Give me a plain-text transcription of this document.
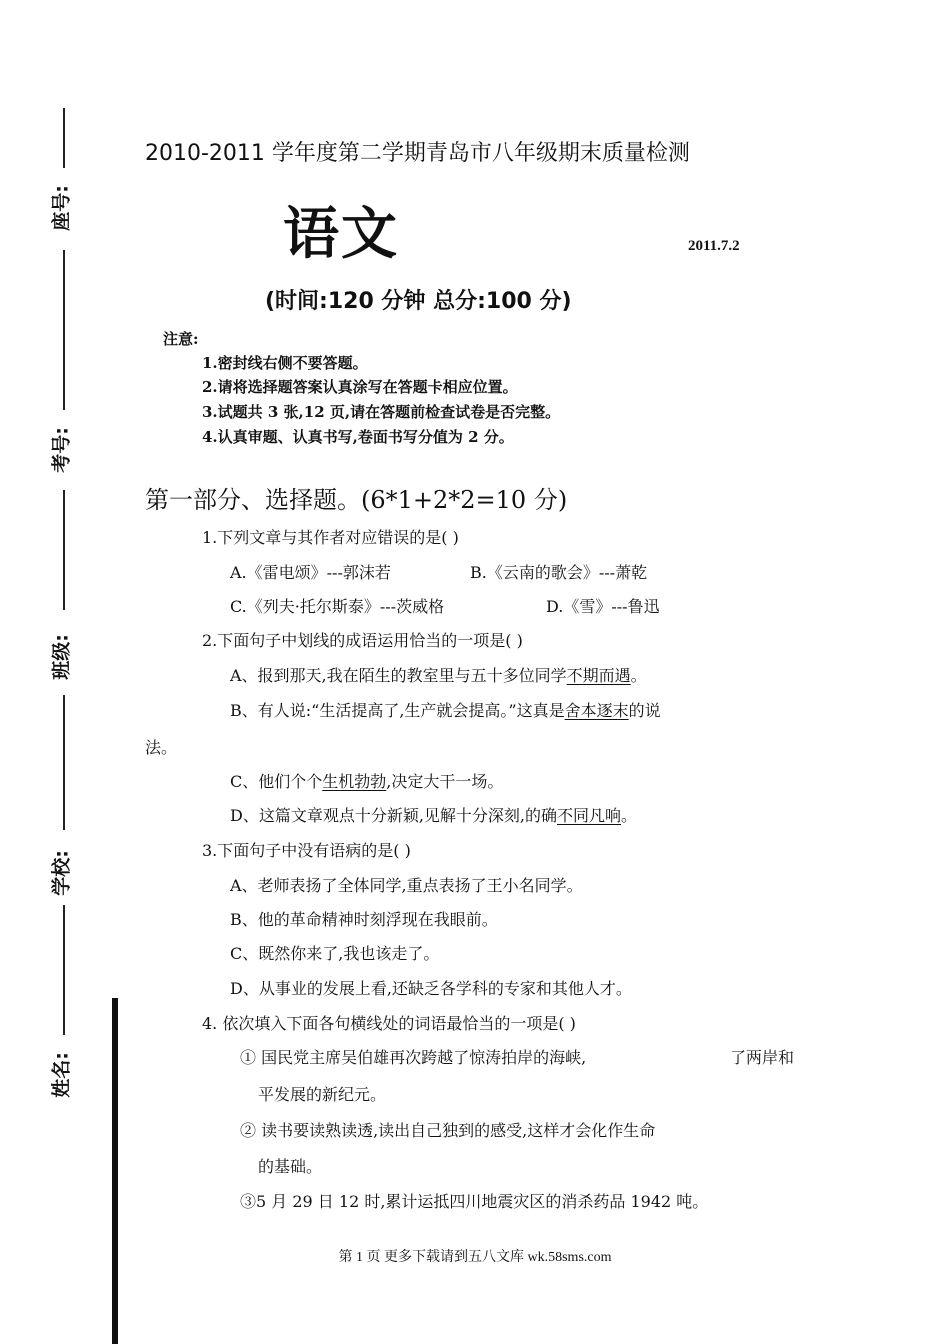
座号:
考号:
班级:
学校:
姓名:
2010-2011 学年度第二学期青岛市八年级期末质量检测
语文	2011.7.2
(时间:120 分钟 总分:100 分)
注意:
1.密封线右侧不要答题。
2.请将选择题答案认真涂写在答题卡相应位置。
3.试题共 3 张,12 页,请在答题前检查试卷是否完整。
4.认真审题、认真书写,卷面书写分值为 2 分。
第一部分、选择题。(6*1+2*2=10 分)
1.下列文章与其作者对应错误的是( )
A.《雷电颂》---郭沫若	B.《云南的歌会》---萧乾
C.《列夫·托尔斯泰》---茨威格	D.《雪》---鲁迅
2.下面句子中划线的成语运用恰当的一项是( )
A、报到那天,我在陌生的教室里与五十多位同学不期而遇。
B、有人说:“生活提高了,生产就会提高。”这真是舍本逐末的说
法。
C、他们个个生机勃勃,决定大干一场。
D、这篇文章观点十分新颖,见解十分深刻,的确不同凡响。
3.下面句子中没有语病的是( )
A、老师表扬了全体同学,重点表扬了王小名同学。
B、他的革命精神时刻浮现在我眼前。
C、既然你来了,我也该走了。
D、从事业的发展上看,还缺乏各学科的专家和其他人才。
4. 依次填入下面各句横线处的词语最恰当的一项是( )
① 国民党主席吴伯雄再次跨越了惊涛拍岸的海峡,	了两岸和
平发展的新纪元。
② 读书要读熟读透,读出自己独到的感受,这样才会化作生命
的基础。
③5 月 29 日 12 时,累计运抵四川地震灾区的消杀药品 1942 吨。
第 1 页 更多下载请到五八文库 wk.58sms.com
